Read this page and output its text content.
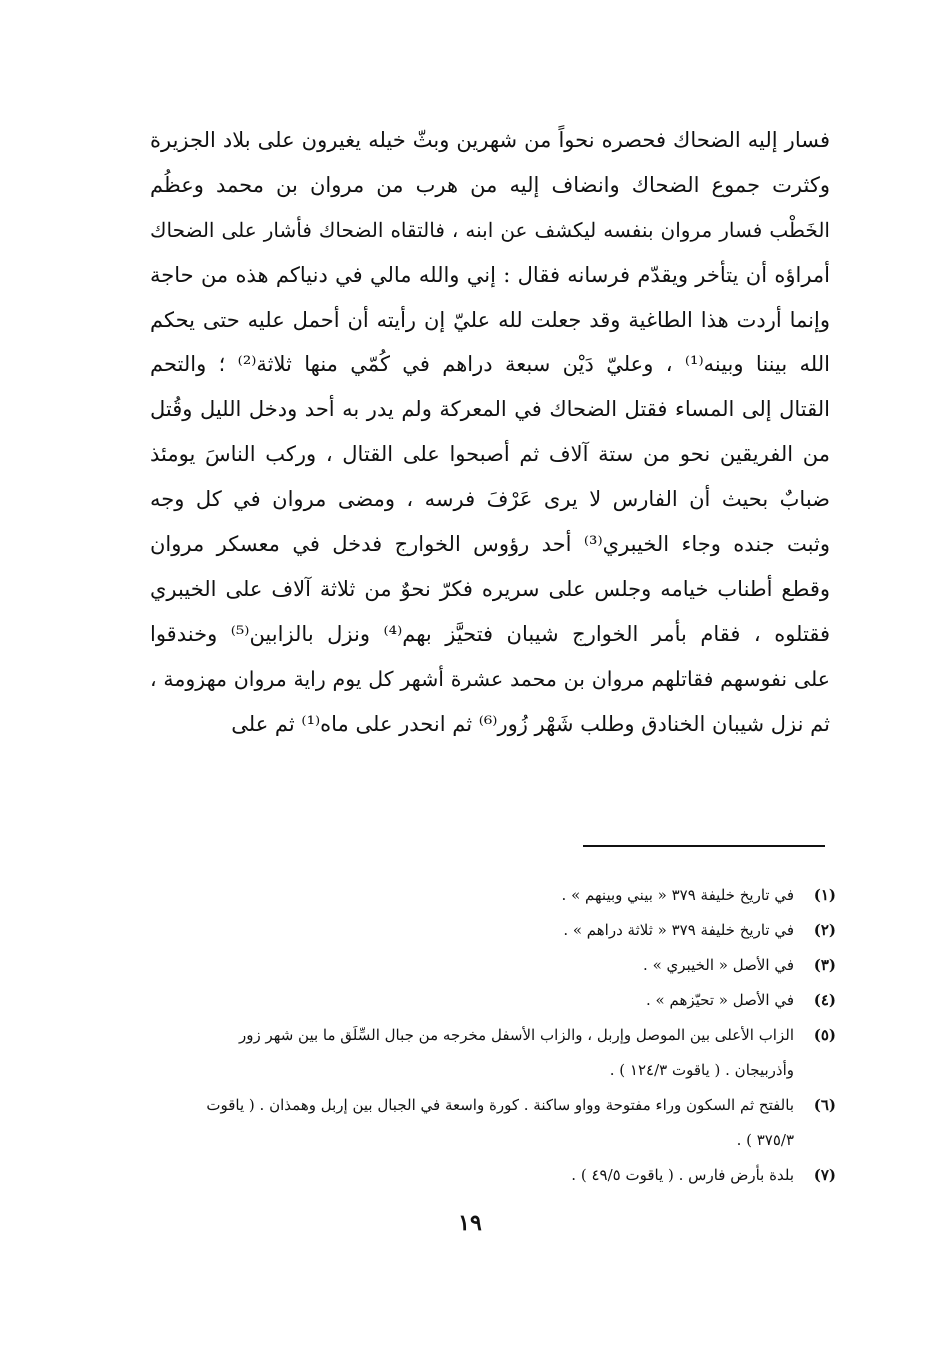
فسار إليه الضحاك فحصره نحواً من شهرين وبثّ خيله يغيرون على بلاد الجزيرة
وكثرت جموع الضحاك وانضاف إليه من هرب من مروان بن محمد وعظُم
الخَطْب فسار مروان بنفسه ليكشف عن ابنه ، فالتقاه الضحاك فأشار على الضحاك
أمراؤه أن يتأخر ويقدّم فرسانه فقال : إني والله مالي في دنياكم هذه من حاجة
وإنما أردت هذا الطاغية وقد جعلت لله عليّ إن رأيته أن أحمل عليه حتى يحكم
الله بيننا وبينه⁽¹⁾ ، وعليّ دَيْن سبعة دراهم في كُمّي منها ثلاثة⁽²⁾ ؛ والتحم
القتال إلى المساء فقتل الضحاك في المعركة ولم يدر به أحد ودخل الليل وقُتل
من الفريقين نحو من ستة آلاف ثم أصبحوا على القتال ، وركب الناسَ يومئذ
ضبابٌ بحيث أن الفارس لا يرى عَرْفَ فرسه ، ومضى مروان في كل وجه
وثبت جنده وجاء الخيبري⁽³⁾ أحد رؤوس الخوارج فدخل في معسكر مروان
وقطع أطناب خيامه وجلس على سريره فكرّ نحوٌ من ثلاثة آلاف على الخيبري
فقتلوه ، فقام بأمر الخوارج شيبان فتحيَّز بهم⁽⁴⁾ ونزل بالزابين⁽⁵⁾ وخندقوا
على نفوسهم فقاتلهم مروان بن محمد عشرة أشهر كل يوم راية مروان مهزومة ،
ثم نزل شيبان الخنادق وطلب شَهْر زُور⁽⁶⁾ ثم انحدر على ماه⁽¹⁾ ثم على
(١)
في تاريخ خليفة ٣٧٩ « بيني وبينهم » .
(٢)
في تاريخ خليفة ٣٧٩ « ثلاثة دراهم » .
(٣)
في الأصل « الخيبري » .
(٤)
في الأصل « تحيّزهم » .
(٥)
الزاب الأعلى بين الموصل وإربل ، والزاب الأسفل مخرجه من جبال السِّلَق ما بين شهر زور
وأذربيجان . ( ياقوت ١٢٤/٣ ) .
(٦)
بالفتح ثم السكون وراء مفتوحة وواو ساكنة . كورة واسعة في الجبال بين إربل وهمذان . ( ياقوت
٣٧٥/٣ ) .
(٧)
بلدة بأرض فارس . ( ياقوت ٤٩/٥ ) .
١٩
